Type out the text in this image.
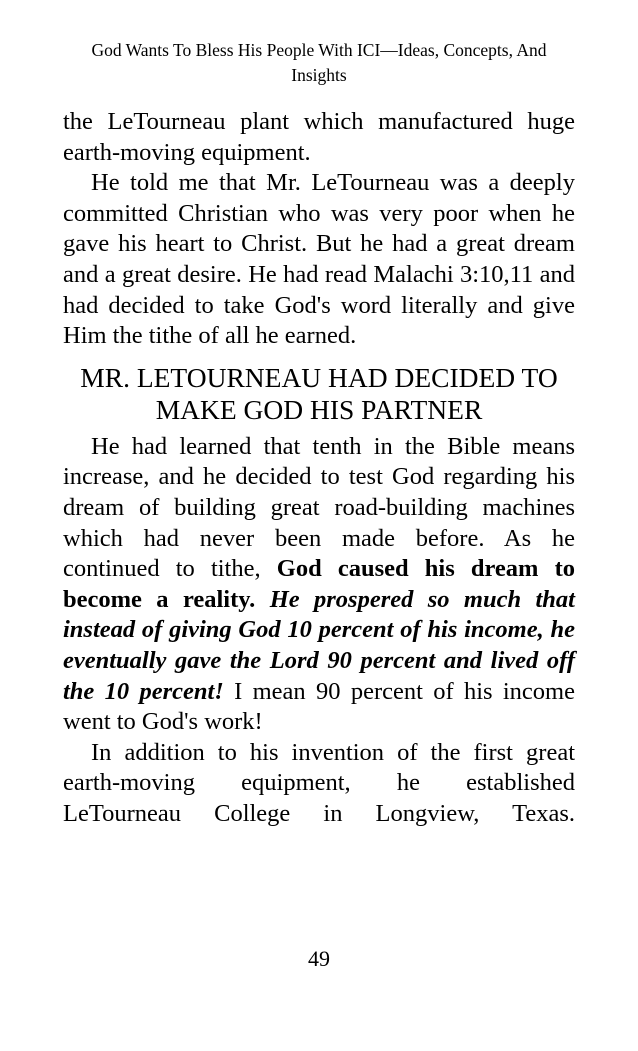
God Wants To Bless His People With ICI—Ideas, Concepts, And Insights

the LeTourneau plant which manufactured huge earth-moving equipment.

He told me that Mr. LeTourneau was a deeply committed Christian who was very poor when he gave his heart to Christ. But he had a great dream and a great desire. He had read Malachi 3:10,11 and had decided to take God's word literally and give Him the tithe of all he earned.

MR. LETOURNEAU HAD DECIDED TO MAKE GOD HIS PARTNER

He had learned that tenth in the Bible means increase, and he decided to test God regarding his dream of building great road-building machines which had never been made before. As he continued to tithe, God caused his dream to become a reality. He prospered so much that instead of giving God 10 percent of his income, he eventually gave the Lord 90 percent and lived off the 10 percent! I mean 90 percent of his income went to God's work!

In addition to his invention of the first great earth-moving equipment, he established LeTourneau College in Longview, Texas.

49
